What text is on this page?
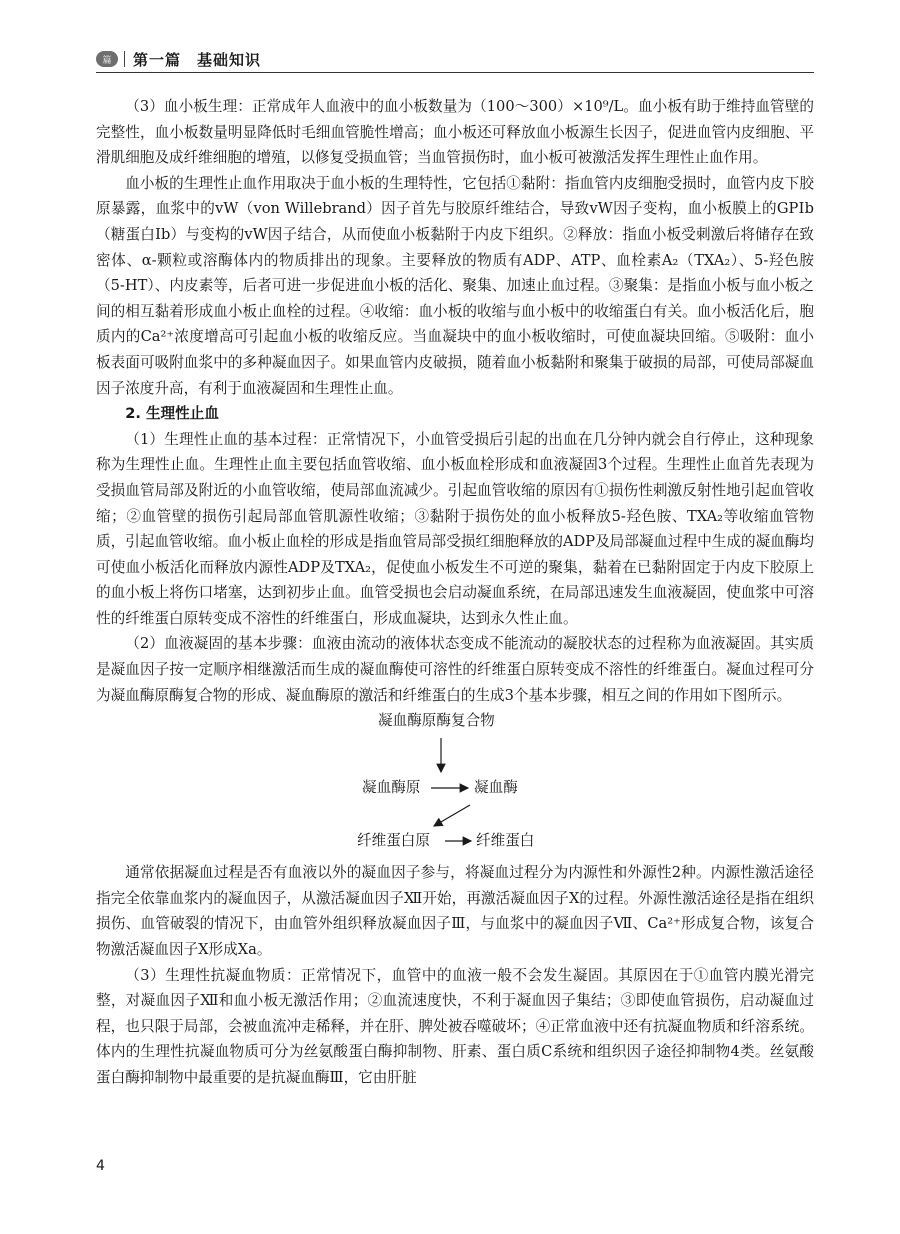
篇	第一篇　基础知识

（3）血小板生理：正常成年人血液中的血小板数量为（100～300）×10⁹/L。血小板有助于维持血管壁的完整性，血小板数量明显降低时毛细血管脆性增高；血小板还可释放血小板源生长因子，促进血管内皮细胞、平滑肌细胞及成纤维细胞的增殖，以修复受损血管；当血管损伤时，血小板可被激活发挥生理性止血作用。

血小板的生理性止血作用取决于血小板的生理特性，它包括①黏附：指血管内皮细胞受损时，血管内皮下胶原暴露，血浆中的vW（von Willebrand）因子首先与胶原纤维结合，导致vW因子变构，血小板膜上的GPⅠb（糖蛋白Ⅰb）与变构的vW因子结合，从而使血小板黏附于内皮下组织。②释放：指血小板受刺激后将储存在致密体、α-颗粒或溶酶体内的物质排出的现象。主要释放的物质有ADP、ATP、血栓素A₂（TXA₂）、5-羟色胺（5-HT）、内皮素等，后者可进一步促进血小板的活化、聚集、加速止血过程。③聚集：是指血小板与血小板之间的相互黏着形成血小板止血栓的过程。④收缩：血小板的收缩与血小板中的收缩蛋白有关。血小板活化后，胞质内的Ca²⁺浓度增高可引起血小板的收缩反应。当血凝块中的血小板收缩时，可使血凝块回缩。⑤吸附：血小板表面可吸附血浆中的多种凝血因子。如果血管内皮破损，随着血小板黏附和聚集于破损的局部，可使局部凝血因子浓度升高，有利于血液凝固和生理性止血。

2. 生理性止血

（1）生理性止血的基本过程：正常情况下，小血管受损后引起的出血在几分钟内就会自行停止，这种现象称为生理性止血。生理性止血主要包括血管收缩、血小板血栓形成和血液凝固3个过程。生理性止血首先表现为受损血管局部及附近的小血管收缩，使局部血流减少。引起血管收缩的原因有①损伤性刺激反射性地引起血管收缩；②血管壁的损伤引起局部血管肌源性收缩；③黏附于损伤处的血小板释放5-羟色胺、TXA₂等收缩血管物质，引起血管收缩。血小板止血栓的形成是指血管局部受损红细胞释放的ADP及局部凝血过程中生成的凝血酶均可使血小板活化而释放内源性ADP及TXA₂，促使血小板发生不可逆的聚集，黏着在已黏附固定于内皮下胶原上的血小板上将伤口堵塞，达到初步止血。血管受损也会启动凝血系统，在局部迅速发生血液凝固，使血浆中可溶性的纤维蛋白原转变成不溶性的纤维蛋白，形成血凝块，达到永久性止血。

（2）血液凝固的基本步骤：血液由流动的液体状态变成不能流动的凝胶状态的过程称为血液凝固。其实质是凝血因子按一定顺序相继激活而生成的凝血酶使可溶性的纤维蛋白原转变成不溶性的纤维蛋白。凝血过程可分为凝血酶原酶复合物的形成、凝血酶原的激活和纤维蛋白的生成3个基本步骤，相互之间的作用如下图所示。

凝血酶原酶复合物
凝血酶原	凝血酶
纤维蛋白原	纤维蛋白

通常依据凝血过程是否有血液以外的凝血因子参与，将凝血过程分为内源性和外源性2种。内源性激活途径指完全依靠血浆内的凝血因子，从激活凝血因子Ⅻ开始，再激活凝血因子Ⅹ的过程。外源性激活途径是指在组织损伤、血管破裂的情况下，由血管外组织释放凝血因子Ⅲ，与血浆中的凝血因子Ⅶ、Ca²⁺形成复合物，该复合物激活凝血因子Ⅹ形成Ⅹa。

（3）生理性抗凝血物质：正常情况下，血管中的血液一般不会发生凝固。其原因在于①血管内膜光滑完整，对凝血因子Ⅻ和血小板无激活作用；②血流速度快，不利于凝血因子集结；③即使血管损伤，启动凝血过程，也只限于局部，会被血流冲走稀释，并在肝、脾处被吞噬破坏；④正常血液中还有抗凝血物质和纤溶系统。体内的生理性抗凝血物质可分为丝氨酸蛋白酶抑制物、肝素、蛋白质C系统和组织因子途径抑制物4类。丝氨酸蛋白酶抑制物中最重要的是抗凝血酶Ⅲ，它由肝脏

4
